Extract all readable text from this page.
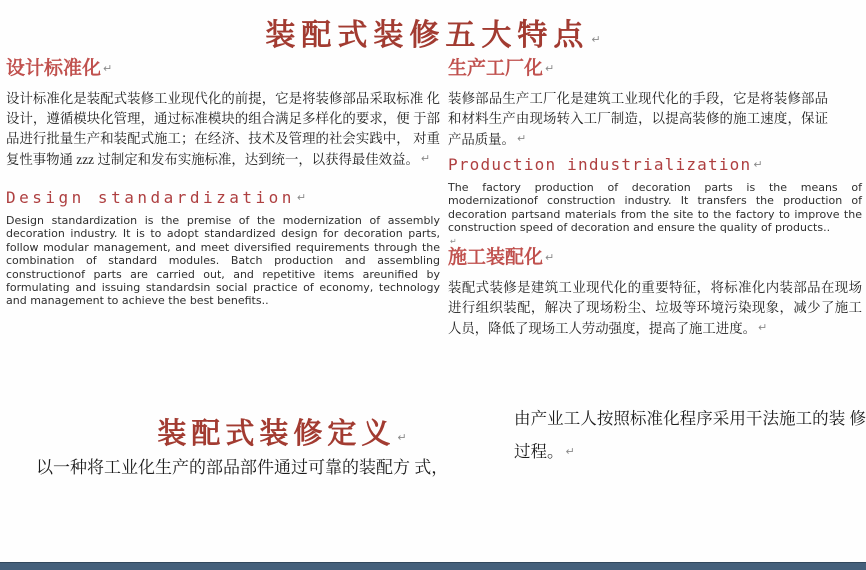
装配式装修五大特点 ↵
设计标准化 ↵

设计标准化是装配式装修工业现代化的前提，它是将装修部品采取标准 化设计，遵循模块化管理，通过标准模块的组合满足多样化的要求，便 于部品进行批量生产和装配式施工；在经济、技术及管理的社会实践中， 对重复性事物通 zzz 过制定和发布实施标准，达到统一，以获得最佳效益。 ↵

Design standardization ↵

Design standardization is the premise of the modernization of assembly decoration industry. It is to adopt standardized design for decoration parts, follow modular management, and meet diversified requirements through the combination of standard modules. Batch production and assembling constructionof parts are carried out, and repetitive items areunified by formulating and issuing standardsin social practice of economy, technology and management to achieve the best benefits..

生产工厂化 ↵

装修部品生产工厂化是建筑工业现代化的手段，它是将装修部品和材料生产由现场转入工厂制造，以提高装修的施工速度，保证产品质量。 ↵

Production industrialization ↵

The factory production of decoration parts is the means of modernizationof construction industry. It transfers the production of decoration partsand materials from the site to the factory to improve the construction speed of decoration and ensure the quality of products..

↵
施工装配化 ↵

装配式装修是建筑工业现代化的重要特征，将标准化内装部品在现场进行组织装配，解决了现场粉尘、垃圾等环境污染现象，减少了施工人员，降低了现场工人劳动强度，提高了施工进度。 ↵

装配式装修定义 ↵
以一种将工业化生产的部品部件通过可靠的装配方 式，
由产业工人按照标准化程序采用干法施工的装 修过程。 ↵
